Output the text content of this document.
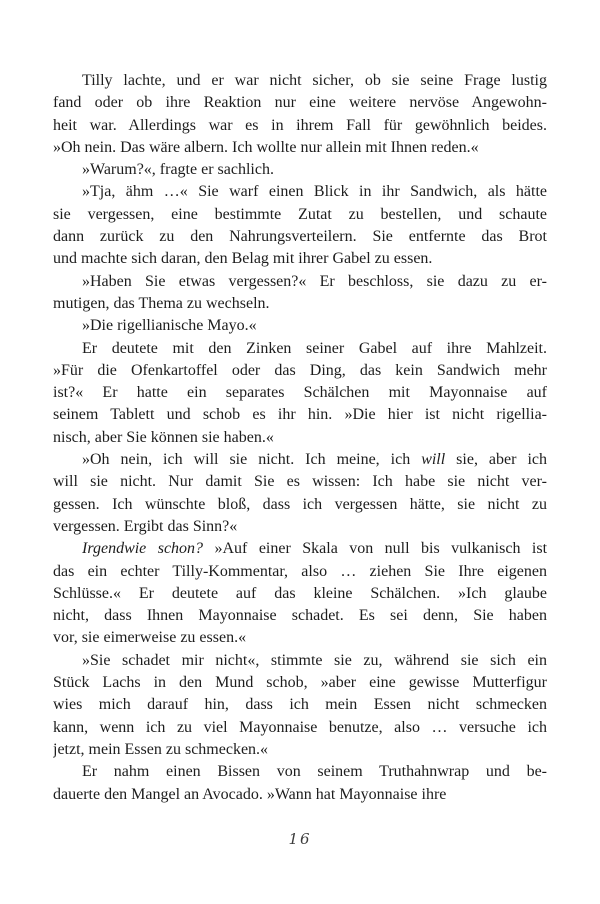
Tilly lachte, und er war nicht sicher, ob sie seine Frage lustig
fand oder ob ihre Reaktion nur eine weitere nervöse Angewohn-
heit war. Allerdings war es in ihrem Fall für gewöhnlich beides.
»Oh nein. Das wäre albern. Ich wollte nur allein mit Ihnen reden.«
»Warum?«, fragte er sachlich.
»Tja, ähm …« Sie warf einen Blick in ihr Sandwich, als hätte
sie vergessen, eine bestimmte Zutat zu bestellen, und schaute
dann zurück zu den Nahrungsverteilern. Sie entfernte das Brot
und machte sich daran, den Belag mit ihrer Gabel zu essen.
»Haben Sie etwas vergessen?« Er beschloss, sie dazu zu er-
mutigen, das Thema zu wechseln.
»Die rigellianische Mayo.«
Er deutete mit den Zinken seiner Gabel auf ihre Mahlzeit.
»Für die Ofenkartoffel oder das Ding, das kein Sandwich mehr
ist?« Er hatte ein separates Schälchen mit Mayonnaise auf
seinem Tablett und schob es ihr hin. »Die hier ist nicht rigellia-
nisch, aber Sie können sie haben.«
»Oh nein, ich will sie nicht. Ich meine, ich will sie, aber ich
will sie nicht. Nur damit Sie es wissen: Ich habe sie nicht ver-
gessen. Ich wünschte bloß, dass ich vergessen hätte, sie nicht zu
vergessen. Ergibt das Sinn?«
Irgendwie schon? »Auf einer Skala von null bis vulkanisch ist
das ein echter Tilly-Kommentar, also … ziehen Sie Ihre eigenen
Schlüsse.« Er deutete auf das kleine Schälchen. »Ich glaube
nicht, dass Ihnen Mayonnaise schadet. Es sei denn, Sie haben
vor, sie eimerweise zu essen.«
»Sie schadet mir nicht«, stimmte sie zu, während sie sich ein
Stück Lachs in den Mund schob, »aber eine gewisse Mutterfigur
wies mich darauf hin, dass ich mein Essen nicht schmecken
kann, wenn ich zu viel Mayonnaise benutze, also … versuche ich
jetzt, mein Essen zu schmecken.«
Er nahm einen Bissen von seinem Truthahnwrap und be-
dauerte den Mangel an Avocado. »Wann hat Mayonnaise ihre
16
